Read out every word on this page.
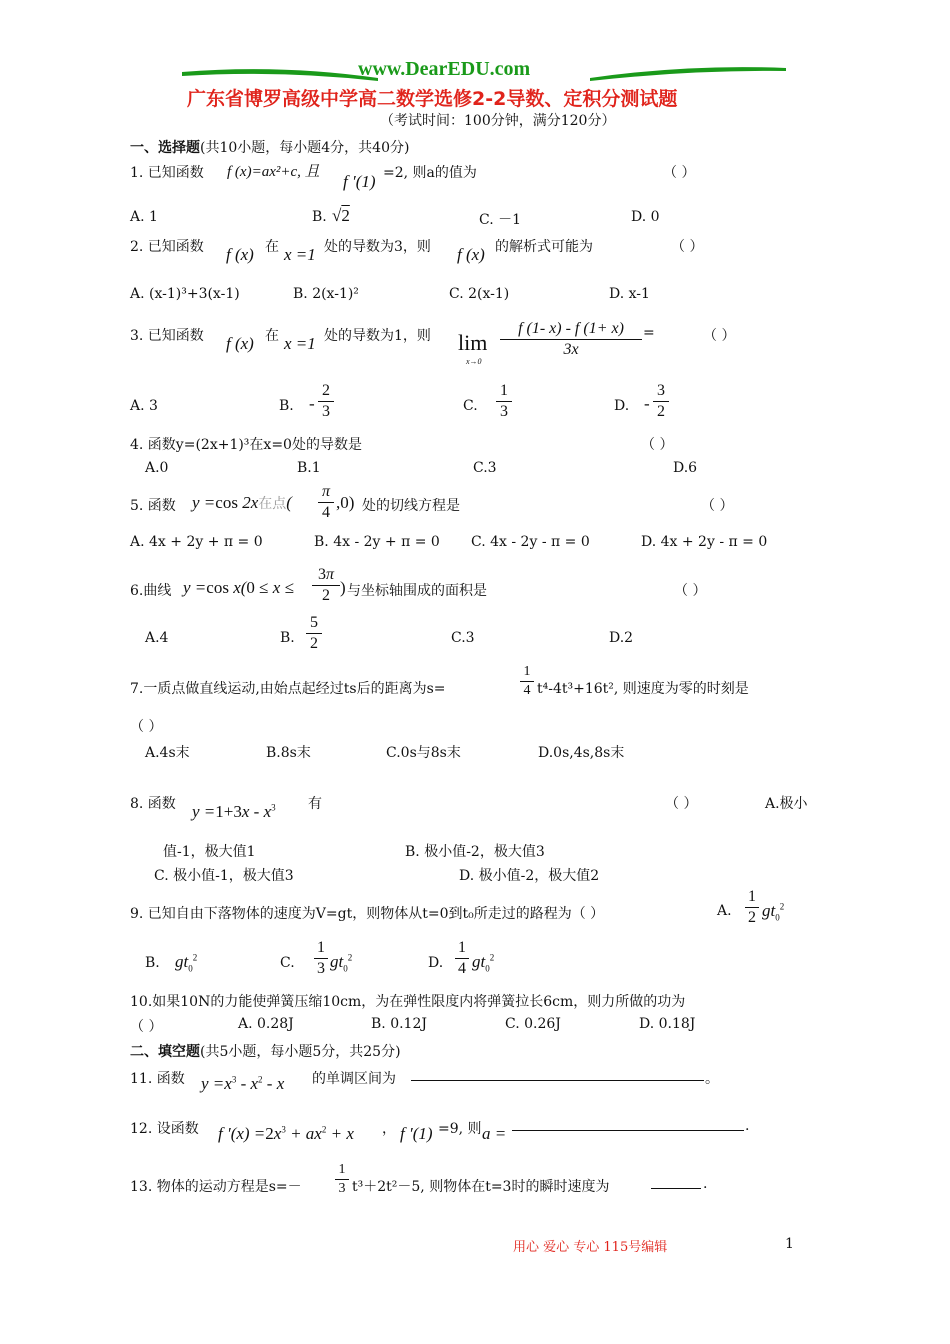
www.DearEDU.com
广东省博罗高级中学高二数学选修2-2导数、定积分测试题
（考试时间：100分钟，满分120分）
一、选择题(共10小题，每小题4分，共40分)
1. 已知函数 f (x)=ax²+c, 且 f ′(1) =2, 则a的值为	（ ）
A. 1	B. √2	C. －1	D. 0
2. 已知函数 f (x) 在 x =1 处的导数为3，则 f (x) 的解析式可能为	（ ）
A. (x-1)³+3(x-1)	B. 2(x-1)²	C. 2(x-1)	D. x-1
3. 已知函数 f (x) 在 x =1 处的导数为1，则 lim
x→0
f (1- x) - f (1+ x)
3x
=	（ ）
A. 3	B. -
2
3	C.
1
3	D. -
3
2
4. 函数y=(2x+1)³在x=0处的导数是	（ ）
A.0	B.1	C.3	D.6
5. 函数 y =cos 2x在点(
π
4
,0) 处的切线方程是	（ ）
A. 4x + 2y + π = 0	B. 4x - 2y + π = 0 C. 4x - 2y - π = 0	D. 4x + 2y - π = 0
6.曲线 y =cos x(0 ≤ x ≤
3π
2 ) 与坐标轴围成的面积是	（ ）
A.4	B.
5
2	C.3	D.2
7.一质点做直线运动,由始点起经过ts后的距离为s=
1
4 t⁴-4t³+16t², 则速度为零的时刻是
（ ）
A.4s末	B.8s末	C.0s与8s末	D.0s,4s,8s末
8. 函数 $y =1+3x - x^3$ 有	（ ）	A.极小
值-1，极大值1	B. 极小值-2，极大值3
C. 极小值-1，极大值3	D. 极小值-2，极大值2
9. 已知自由下落物体的速度为V=gt，则物体从t=0到t₀所走过的路程为（ ）	A.
1
2 $gt_0^2$
B. $gt_0^2$	C.
1
3 $gt_0^2$	D.
1
4 $gt_0^2$
10.如果10N的力能使弹簧压缩10cm，为在弹性限度内将弹簧拉长6cm，则力所做的功为
（ ）	A. 0.28J	B. 0.12J	C. 0.26J	D. 0.18J
二、填空题(共5小题，每小题5分，共25分)
11. 函数 $y =x^3 - x^2 - x$ 的单调区间为	。
12. 设函数 f $'(x) =2x^3 + ax^2 + x$ ， f ′(1) =9, 则 a =	.
13. 物体的运动方程是s=－
1
3 t³＋2t²－5, 则物体在t=3时的瞬时速度为	.
用心 爱心 专心 115号编辑	1
